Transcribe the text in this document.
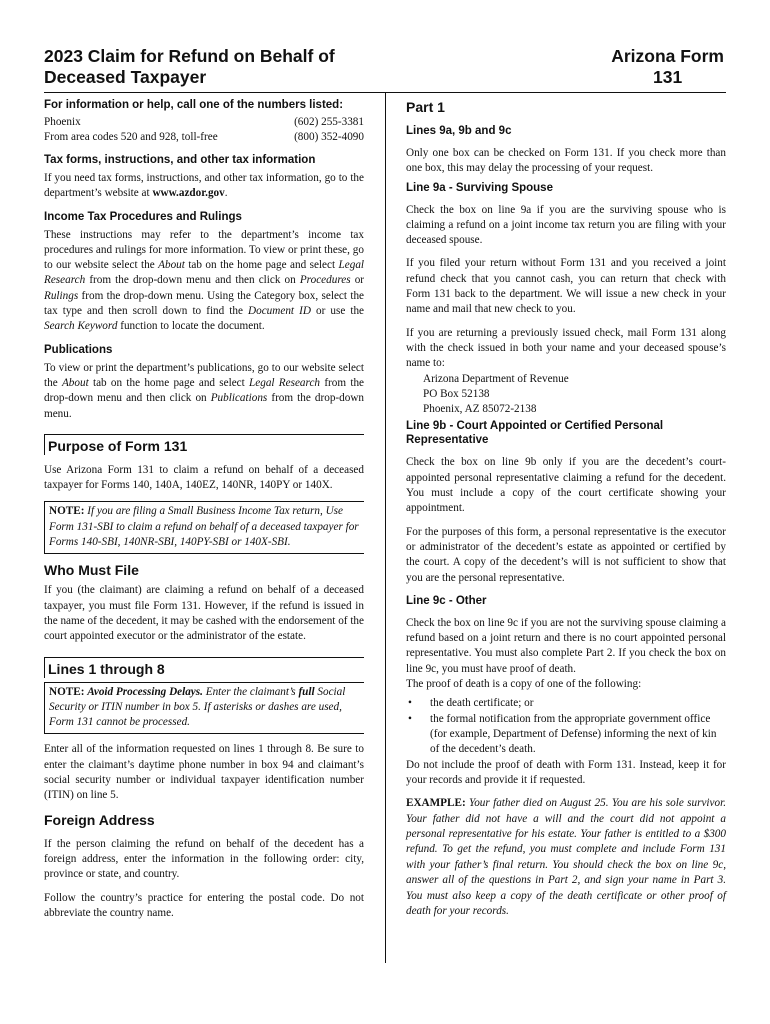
2023 Claim for Refund on Behalf of
Deceased Taxpayer
Arizona Form
131
For information or help, call one of the numbers listed:
Phoenix	(602) 255-3381
From area codes 520 and 928, toll-free	(800) 352-4090
Tax forms, instructions, and other tax information
If you need tax forms, instructions, and other tax information, go to the department’s website at www.azdor.gov.
Income Tax Procedures and Rulings
These instructions may refer to the department’s income tax procedures and rulings for more information. To view or print these, go to our website select the About tab on the home page and select Legal Research from the drop-down menu and then click on Procedures or Rulings from the drop-down menu. Using the Category box, select the tax type and then scroll down to find the Document ID or use the Search Keyword function to locate the document.
Publications
To view or print the department’s publications, go to our website select the About tab on the home page and select Legal Research from the drop-down menu and then click on Publications from the drop-down menu.
Purpose of Form 131
Use Arizona Form 131 to claim a refund on behalf of a deceased taxpayer for Forms 140, 140A, 140EZ, 140NR, 140PY or 140X.
NOTE: If you are filing a Small Business Income Tax return, Use Form 131-SBI to claim a refund on behalf of a deceased taxpayer for Forms 140-SBI, 140NR-SBI, 140PY-SBI or 140X-SBI.
Who Must File
If you (the claimant) are claiming a refund on behalf of a deceased taxpayer, you must file Form 131. However, if the refund is issued in the name of the decedent, it may be cashed with the endorsement of the court appointed executor or the administrator of the estate.
Lines 1 through 8
NOTE: Avoid Processing Delays. Enter the claimant’s full Social Security or ITIN number in box 5. If asterisks or dashes are used, Form 131 cannot be processed.
Enter all of the information requested on lines 1 through 8. Be sure to enter the claimant’s daytime phone number in box 94 and claimant’s social security number or individual taxpayer identification number (ITIN) on line 5.
Foreign Address
If the person claiming the refund on behalf of the decedent has a foreign address, enter the information in the following order: city, province or state, and country.
Follow the country’s practice for entering the postal code. Do not abbreviate the country name.
Part 1
Lines 9a, 9b and 9c
Only one box can be checked on Form 131. If you check more than one box, this may delay the processing of your request.
Line 9a - Surviving Spouse
Check the box on line 9a if you are the surviving spouse who is claiming a refund on a joint income tax return you are filing with your deceased spouse.
If you filed your return without Form 131 and you received a joint refund check that you cannot cash, you can return that check with Form 131 back to the department. We will issue a new check in your name and mail that new check to you.
If you are returning a previously issued check, mail Form 131 along with the check issued in both your name and your deceased spouse’s name to:
Arizona Department of Revenue
PO Box 52138
Phoenix, AZ 85072-2138
Line 9b - Court Appointed or Certified Personal Representative
Check the box on line 9b only if you are the decedent’s court-appointed personal representative claiming a refund for the decedent. You must include a copy of the court certificate showing your appointment.
For the purposes of this form, a personal representative is the executor or administrator of the decedent’s estate as appointed or certified by the court. A copy of the decedent’s will is not sufficient to show that you are the personal representative.
Line 9c - Other
Check the box on line 9c if you are not the surviving spouse claiming a refund based on a joint return and there is no court appointed personal representative. You must also complete Part 2. If you check the box on line 9c, you must have proof of death.
The proof of death is a copy of one of the following:
•	the death certificate; or
•	the formal notification from the appropriate government office (for example, Department of Defense) informing the next of kin of the decedent’s death.
Do not include the proof of death with Form 131. Instead, keep it for your records and provide it if requested.
EXAMPLE: Your father died on August 25. You are his sole survivor. Your father did not have a will and the court did not appoint a personal representative for his estate. Your father is entitled to a $300 refund. To get the refund, you must complete and include Form 131 with your father’s final return. You should check the box on line 9c, answer all of the questions in Part 2, and sign your name in Part 3. You must also keep a copy of the death certificate or other proof of death for your records.
